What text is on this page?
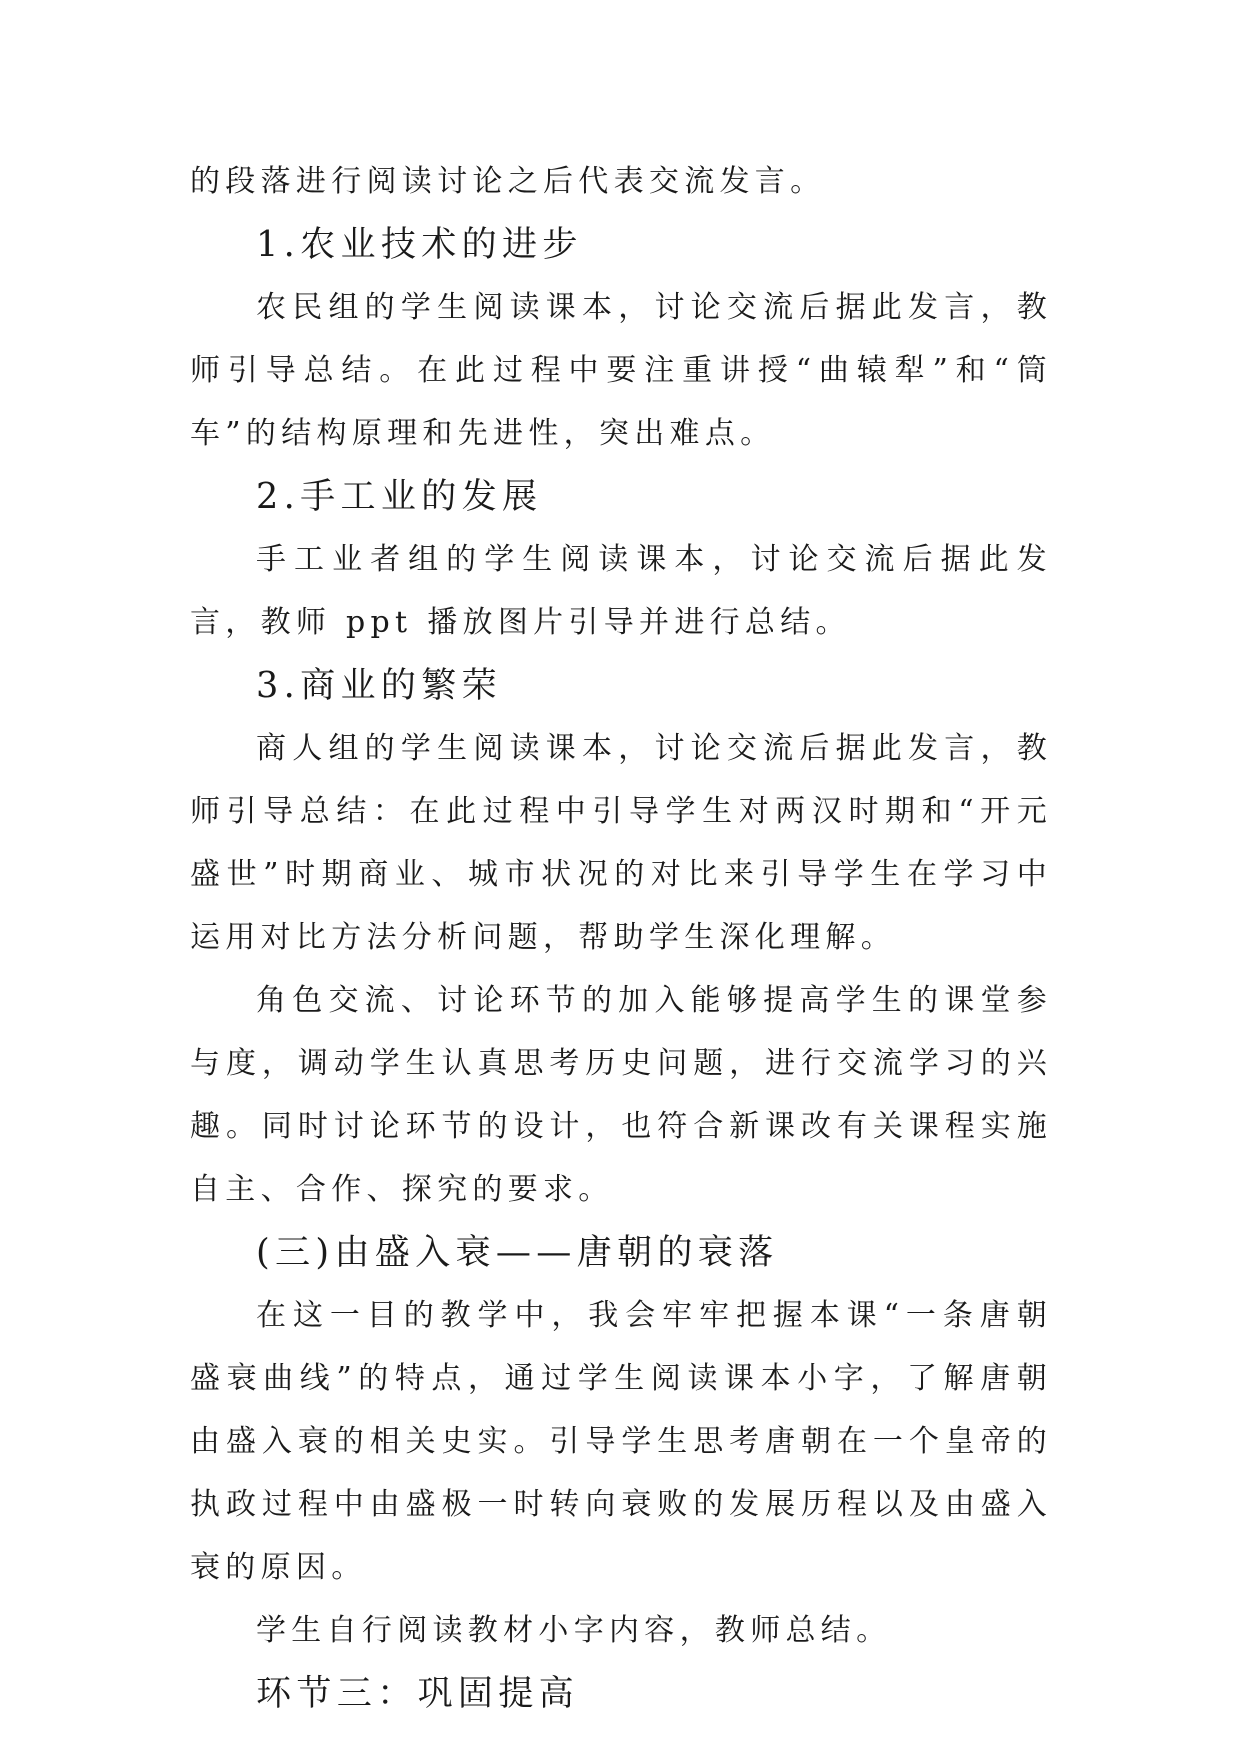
的段落进行阅读讨论之后代表交流发言。

1.农业技术的进步

农民组的学生阅读课本，讨论交流后据此发言，教师引导总结。在此过程中要注重讲授“曲辕犁”和“筒车”的结构原理和先进性，突出难点。

2.手工业的发展

手工业者组的学生阅读课本，讨论交流后据此发言，教师 ppt 播放图片引导并进行总结。

3.商业的繁荣

商人组的学生阅读课本，讨论交流后据此发言，教师引导总结：在此过程中引导学生对两汉时期和“开元盛世”时期商业、城市状况的对比来引导学生在学习中运用对比方法分析问题，帮助学生深化理解。

角色交流、讨论环节的加入能够提高学生的课堂参与度，调动学生认真思考历史问题，进行交流学习的兴趣。同时讨论环节的设计，也符合新课改有关课程实施自主、合作、探究的要求。

(三)由盛入衰——唐朝的衰落

在这一目的教学中，我会牢牢把握本课“一条唐朝盛衰曲线”的特点，通过学生阅读课本小字，了解唐朝由盛入衰的相关史实。引导学生思考唐朝在一个皇帝的执政过程中由盛极一时转向衰败的发展历程以及由盛入衰的原因。

学生自行阅读教材小字内容，教师总结。

环节三：巩固提高
